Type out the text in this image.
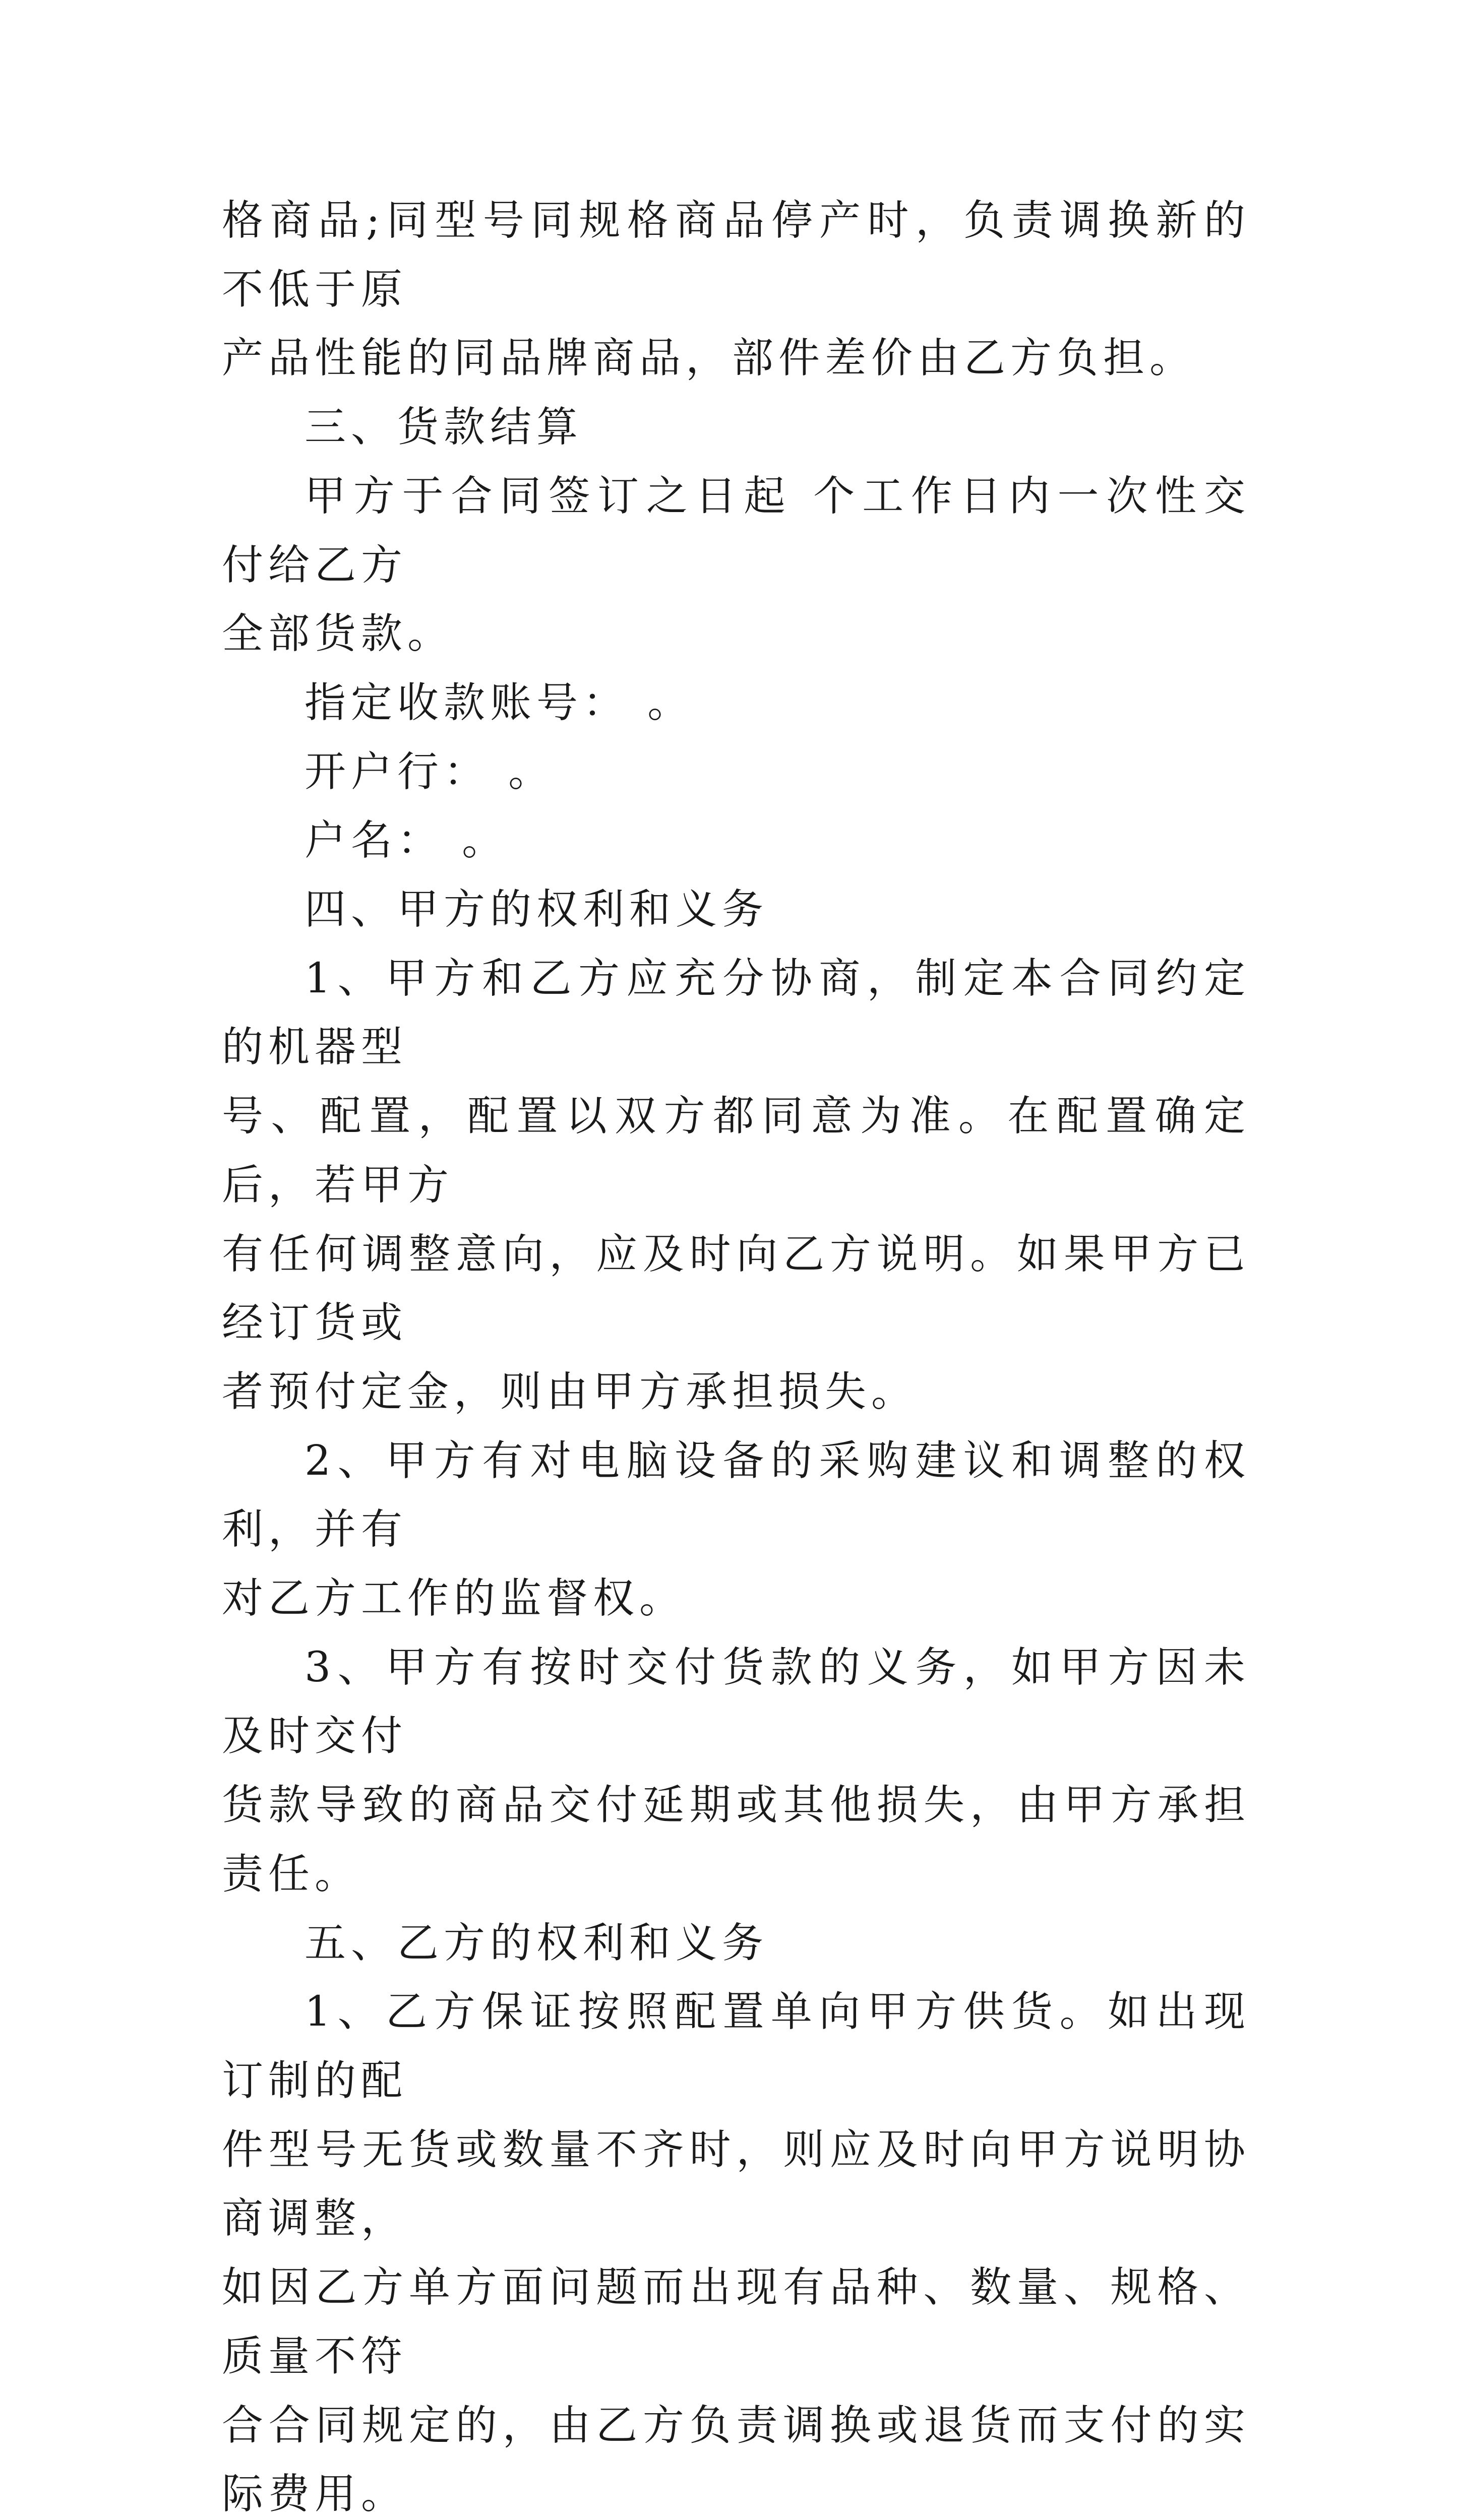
格商品;同型号同规格商品停产时，负责调换新的不低于原
产品性能的同品牌商品，部件差价由乙方负担。
三、货款结算
甲方于合同签订之日起 个工作日内一次性交付给乙方
全部货款。
指定收款账号： 。
开户行： 。
户名： 。
四、甲方的权利和义务
1、甲方和乙方应充分协商，制定本合同约定的机器型
号、配置，配置以双方都同意为准。在配置确定后，若甲方
有任何调整意向，应及时向乙方说明。如果甲方已经订货或
者预付定金，则由甲方承担损失。
2、甲方有对电脑设备的采购建议和调整的权利，并有
对乙方工作的监督权。
3、甲方有按时交付货款的义务，如甲方因未及时交付
货款导致的商品交付延期或其他损失，由甲方承担责任。
五、乙方的权利和义务
1、乙方保证按照配置单向甲方供货。如出现订制的配
件型号无货或数量不齐时，则应及时向甲方说明协商调整，
如因乙方单方面问题而出现有品种、数量、规格、质量不符
合合同规定的，由乙方负责调换或退货而支付的实际费用。
